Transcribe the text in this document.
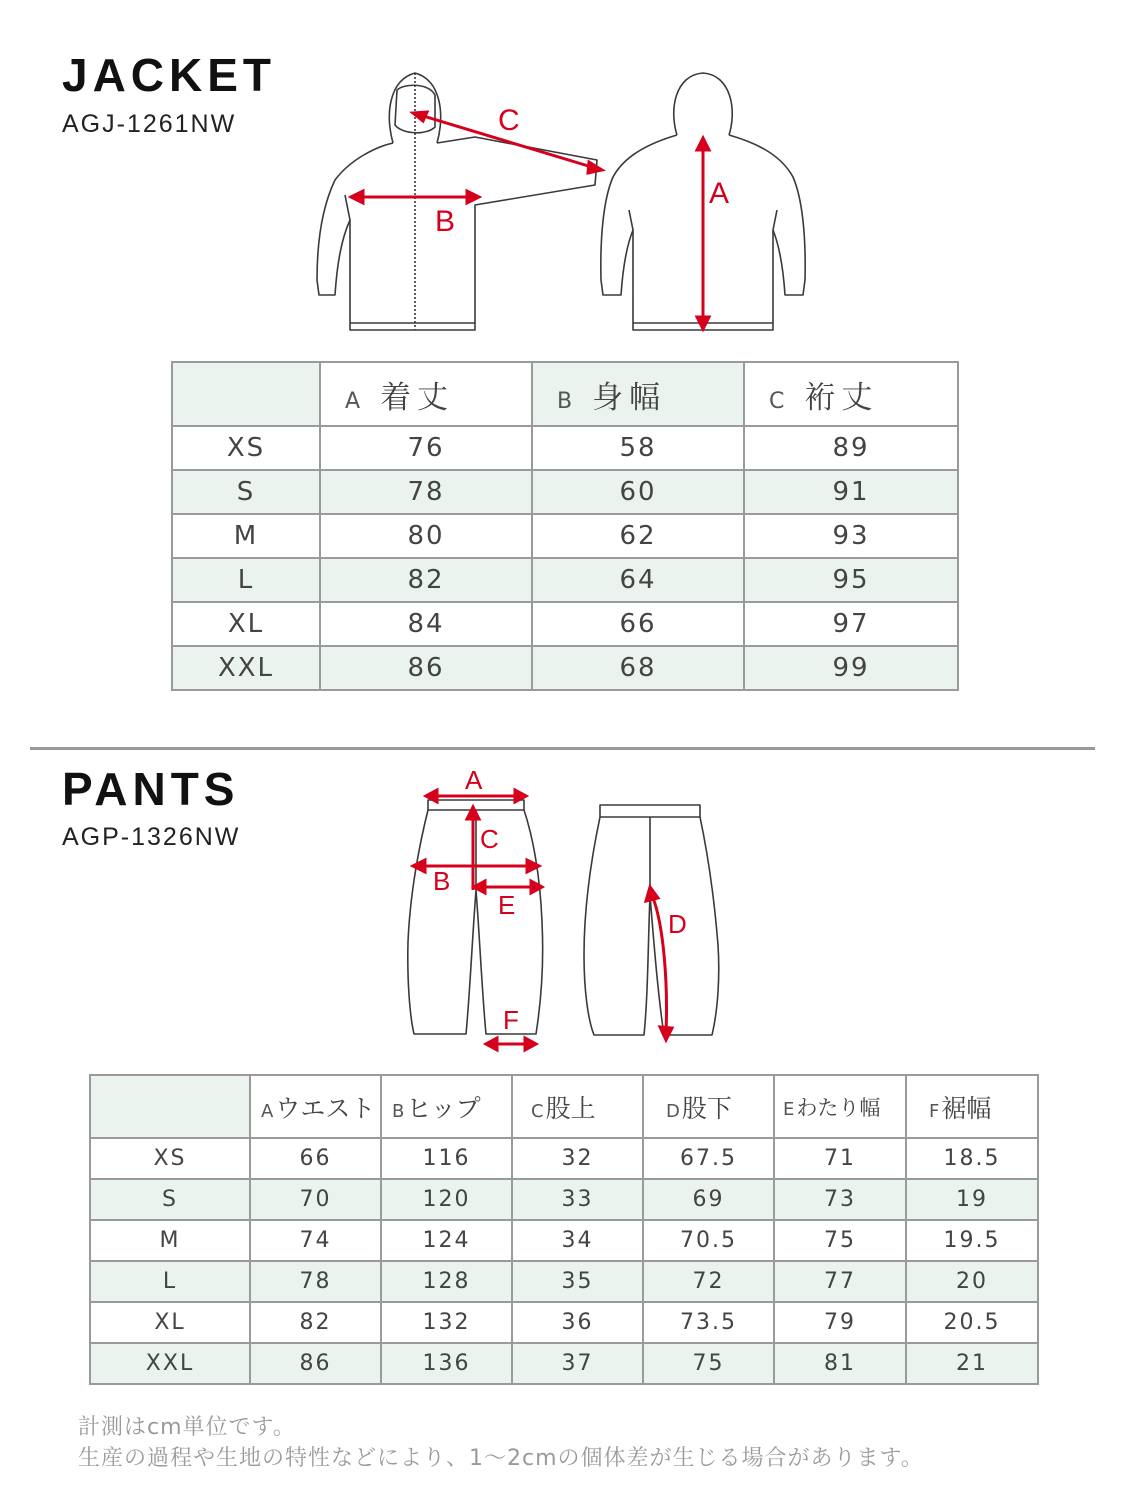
JACKET
AGJ-1261NW	C
B
A
	A 着丈	B 身幅	C 裄丈
XS	76	58	89
S	78	60	91
M	80	62	93
L	82	64	95
XL	84	66	97
XXL	86	68	99
PANTS
AGP-1326NW
A
C
B
E
F
D
	Aウエスト	Bヒップ	C股上	D股下	Eわたり幅	F裾幅
XS	66	116	32	67.5	71	18.5
S	70	120	33	69	73	19
M	74	124	34	70.5	75	19.5
L	78	128	35	72	77	20
XL	82	132	36	73.5	79	20.5
XXL	86	136	37	75	81	21
計測はcm単位です。
生産の過程や生地の特性などにより、1〜2cmの個体差が生じる場合があります。
